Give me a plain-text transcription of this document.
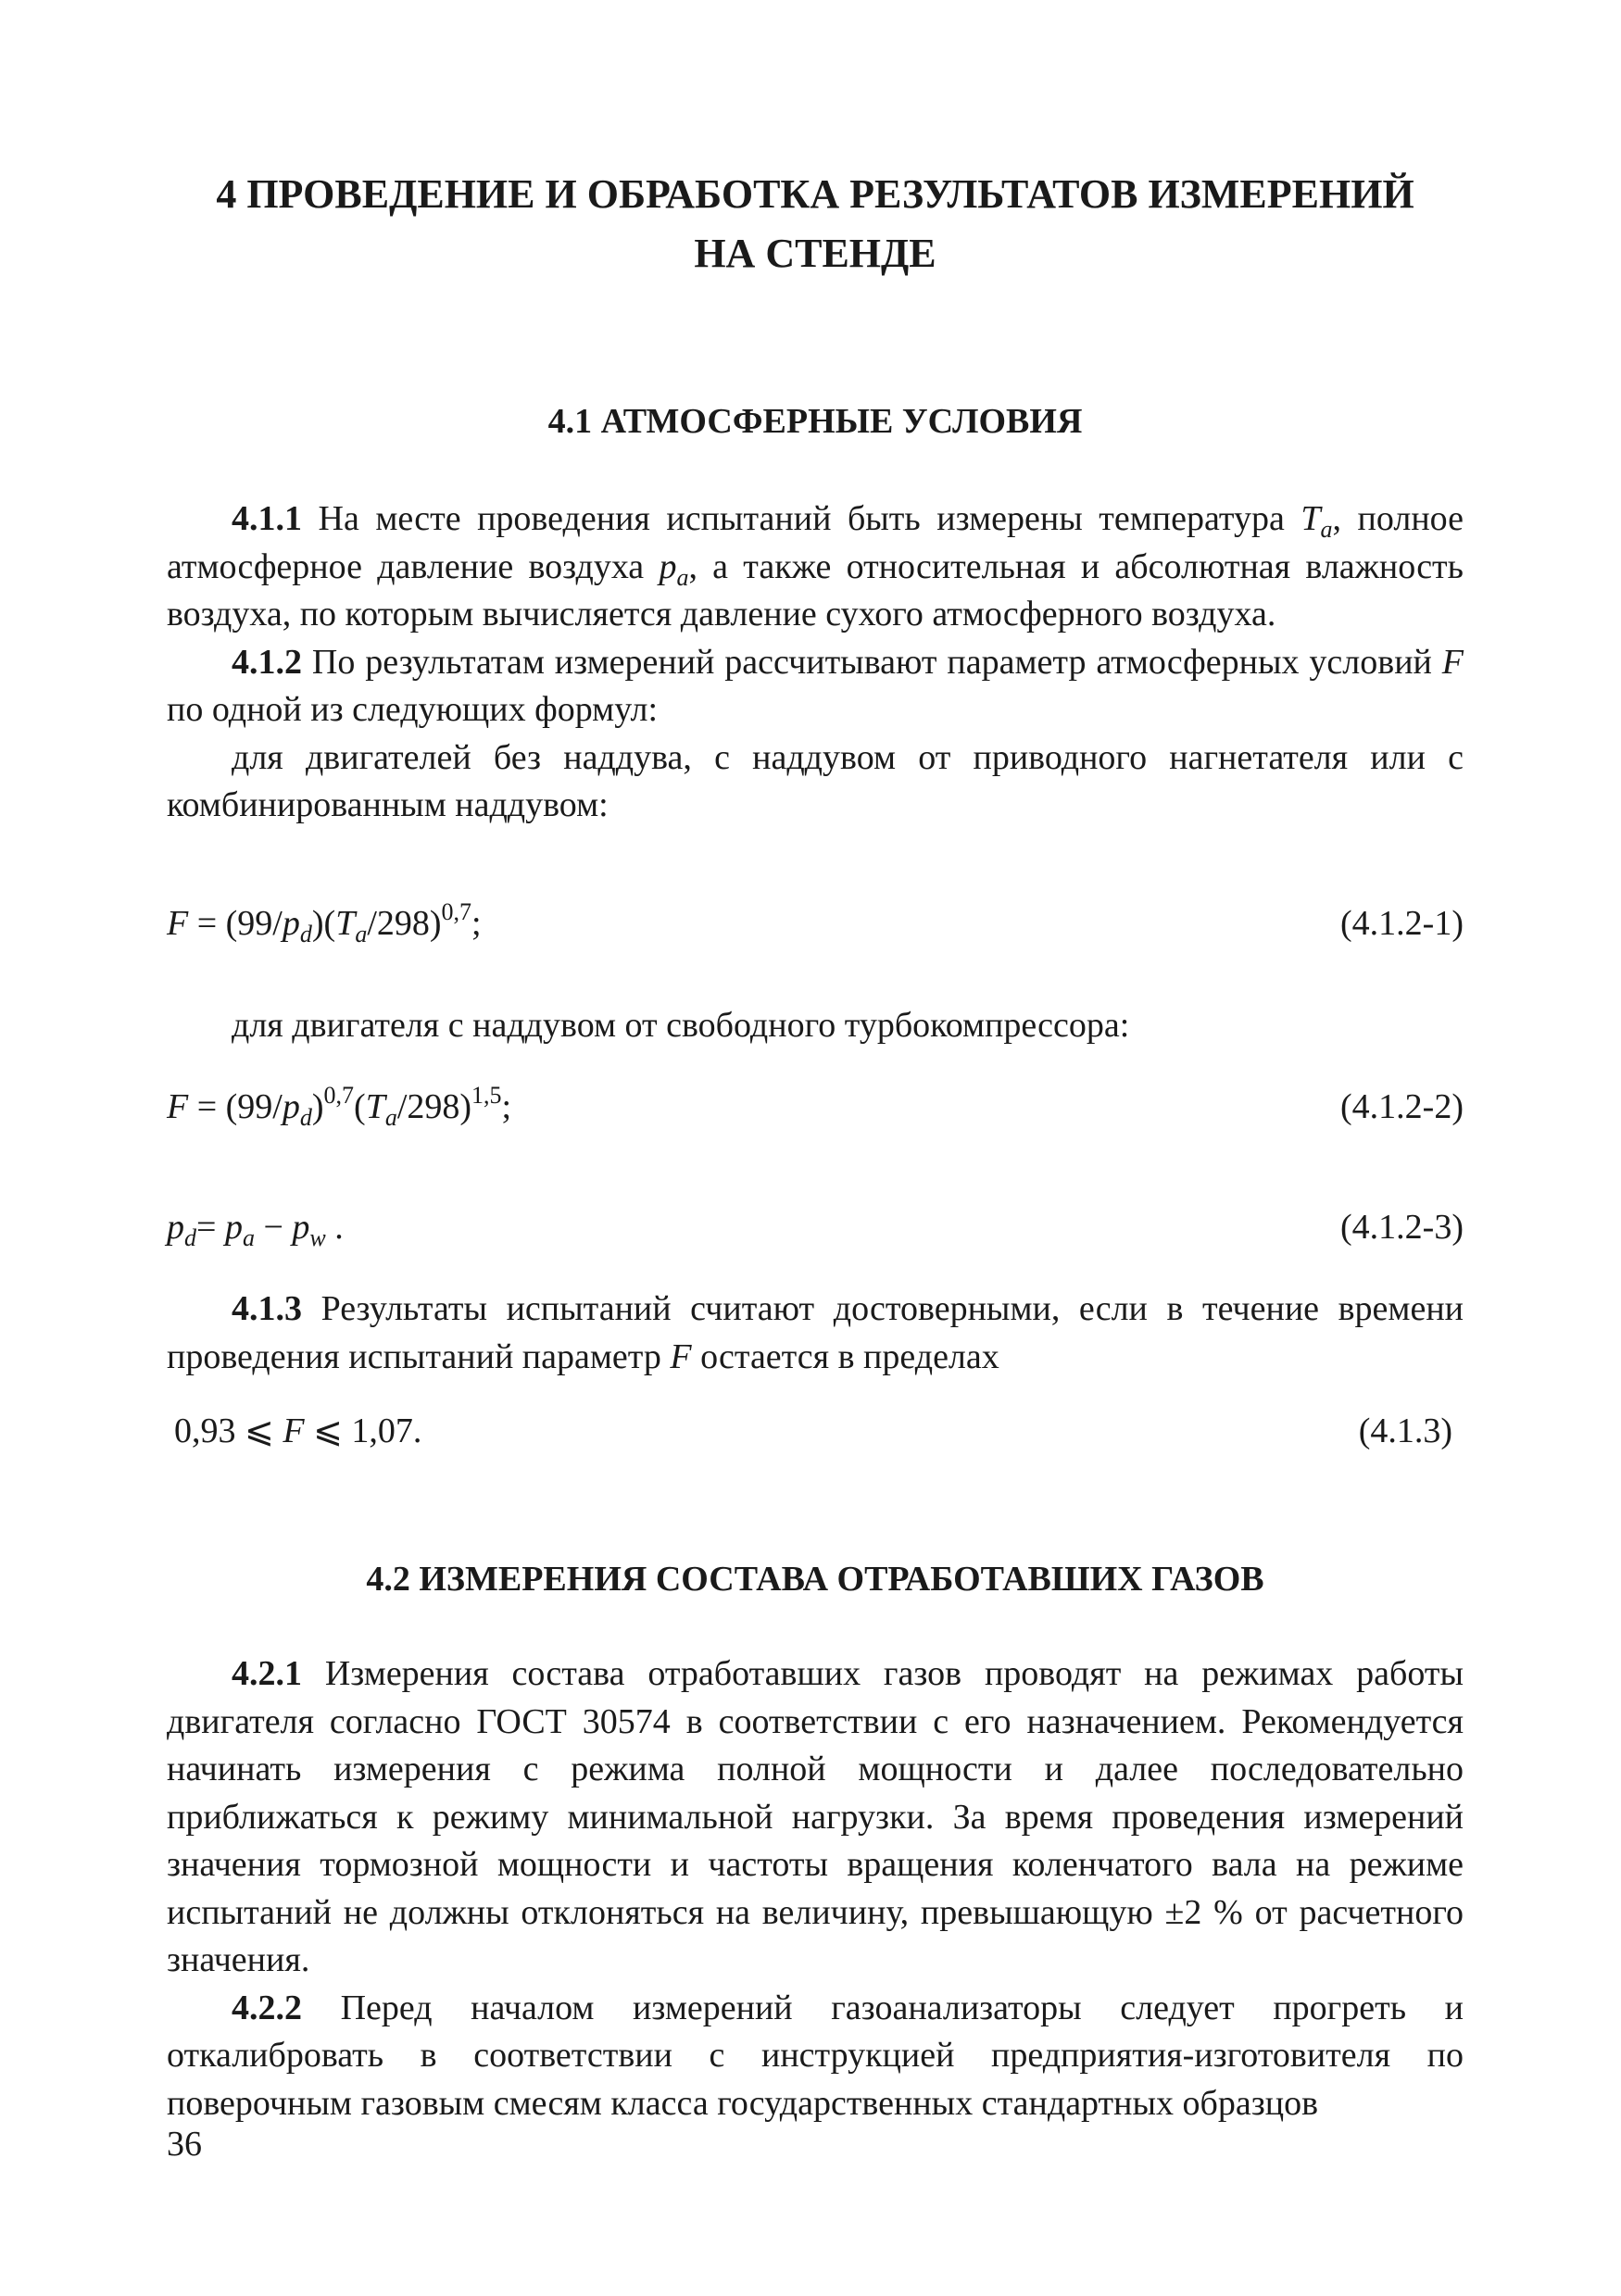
4 ПРОВЕДЕНИЕ И ОБРАБОТКА РЕЗУЛЬТАТОВ ИЗМЕРЕНИЙ
НА СТЕНДЕ
4.1 АТМОСФЕРНЫЕ УСЛОВИЯ

4.1.1 На месте проведения испытаний быть измерены температура $T_a$, полное атмосферное давление воздуха $p_a$, а также относительная и абсолютная влажность воздуха, по которым вычисляется давление сухого атмосферного воздуха.

4.1.2 По результатам измерений рассчитывают параметр атмосферных условий F по одной из следующих формул:

для двигателей без наддува, с наддувом от приводного нагнетателя или с комбинированным наддувом:

$F = (99/p_d)(T_a/298)^{0,7}$;	(4.1.2-1)

для двигателя с наддувом от свободного турбокомпрессора:

$F = (99/p_d)^{0,7}(T_a/298)^{1,5}$;	(4.1.2-2)
$p_d= p_a - p_w$ .	(4.1.2-3)

4.1.3 Результаты испытаний считают достоверными, если в течение времени проведения испытаний параметр F остается в пределах

0,93 ⩽ F ⩽ 1,07.	(4.1.3)
4.2 ИЗМЕРЕНИЯ СОСТАВА ОТРАБОТАВШИХ ГАЗОВ

4.2.1 Измерения состава отработавших газов проводят на режимах работы двигателя согласно ГОСТ 30574 в соответствии с его назначением. Рекомендуется начинать измерения с режима полной мощности и далее последовательно приближаться к режиму минимальной нагрузки. За время проведения измерений значения тормозной мощности и частоты вращения коленчатого вала на режиме испытаний не должны отклоняться на величину, превышающую ±2 % от расчетного значения.

4.2.2 Перед началом измерений газоанализаторы следует прогреть и откалибровать в соответствии с инструкцией предприятия-изготовителя по поверочным газовым смесям класса государственных стандартных образцов

36
